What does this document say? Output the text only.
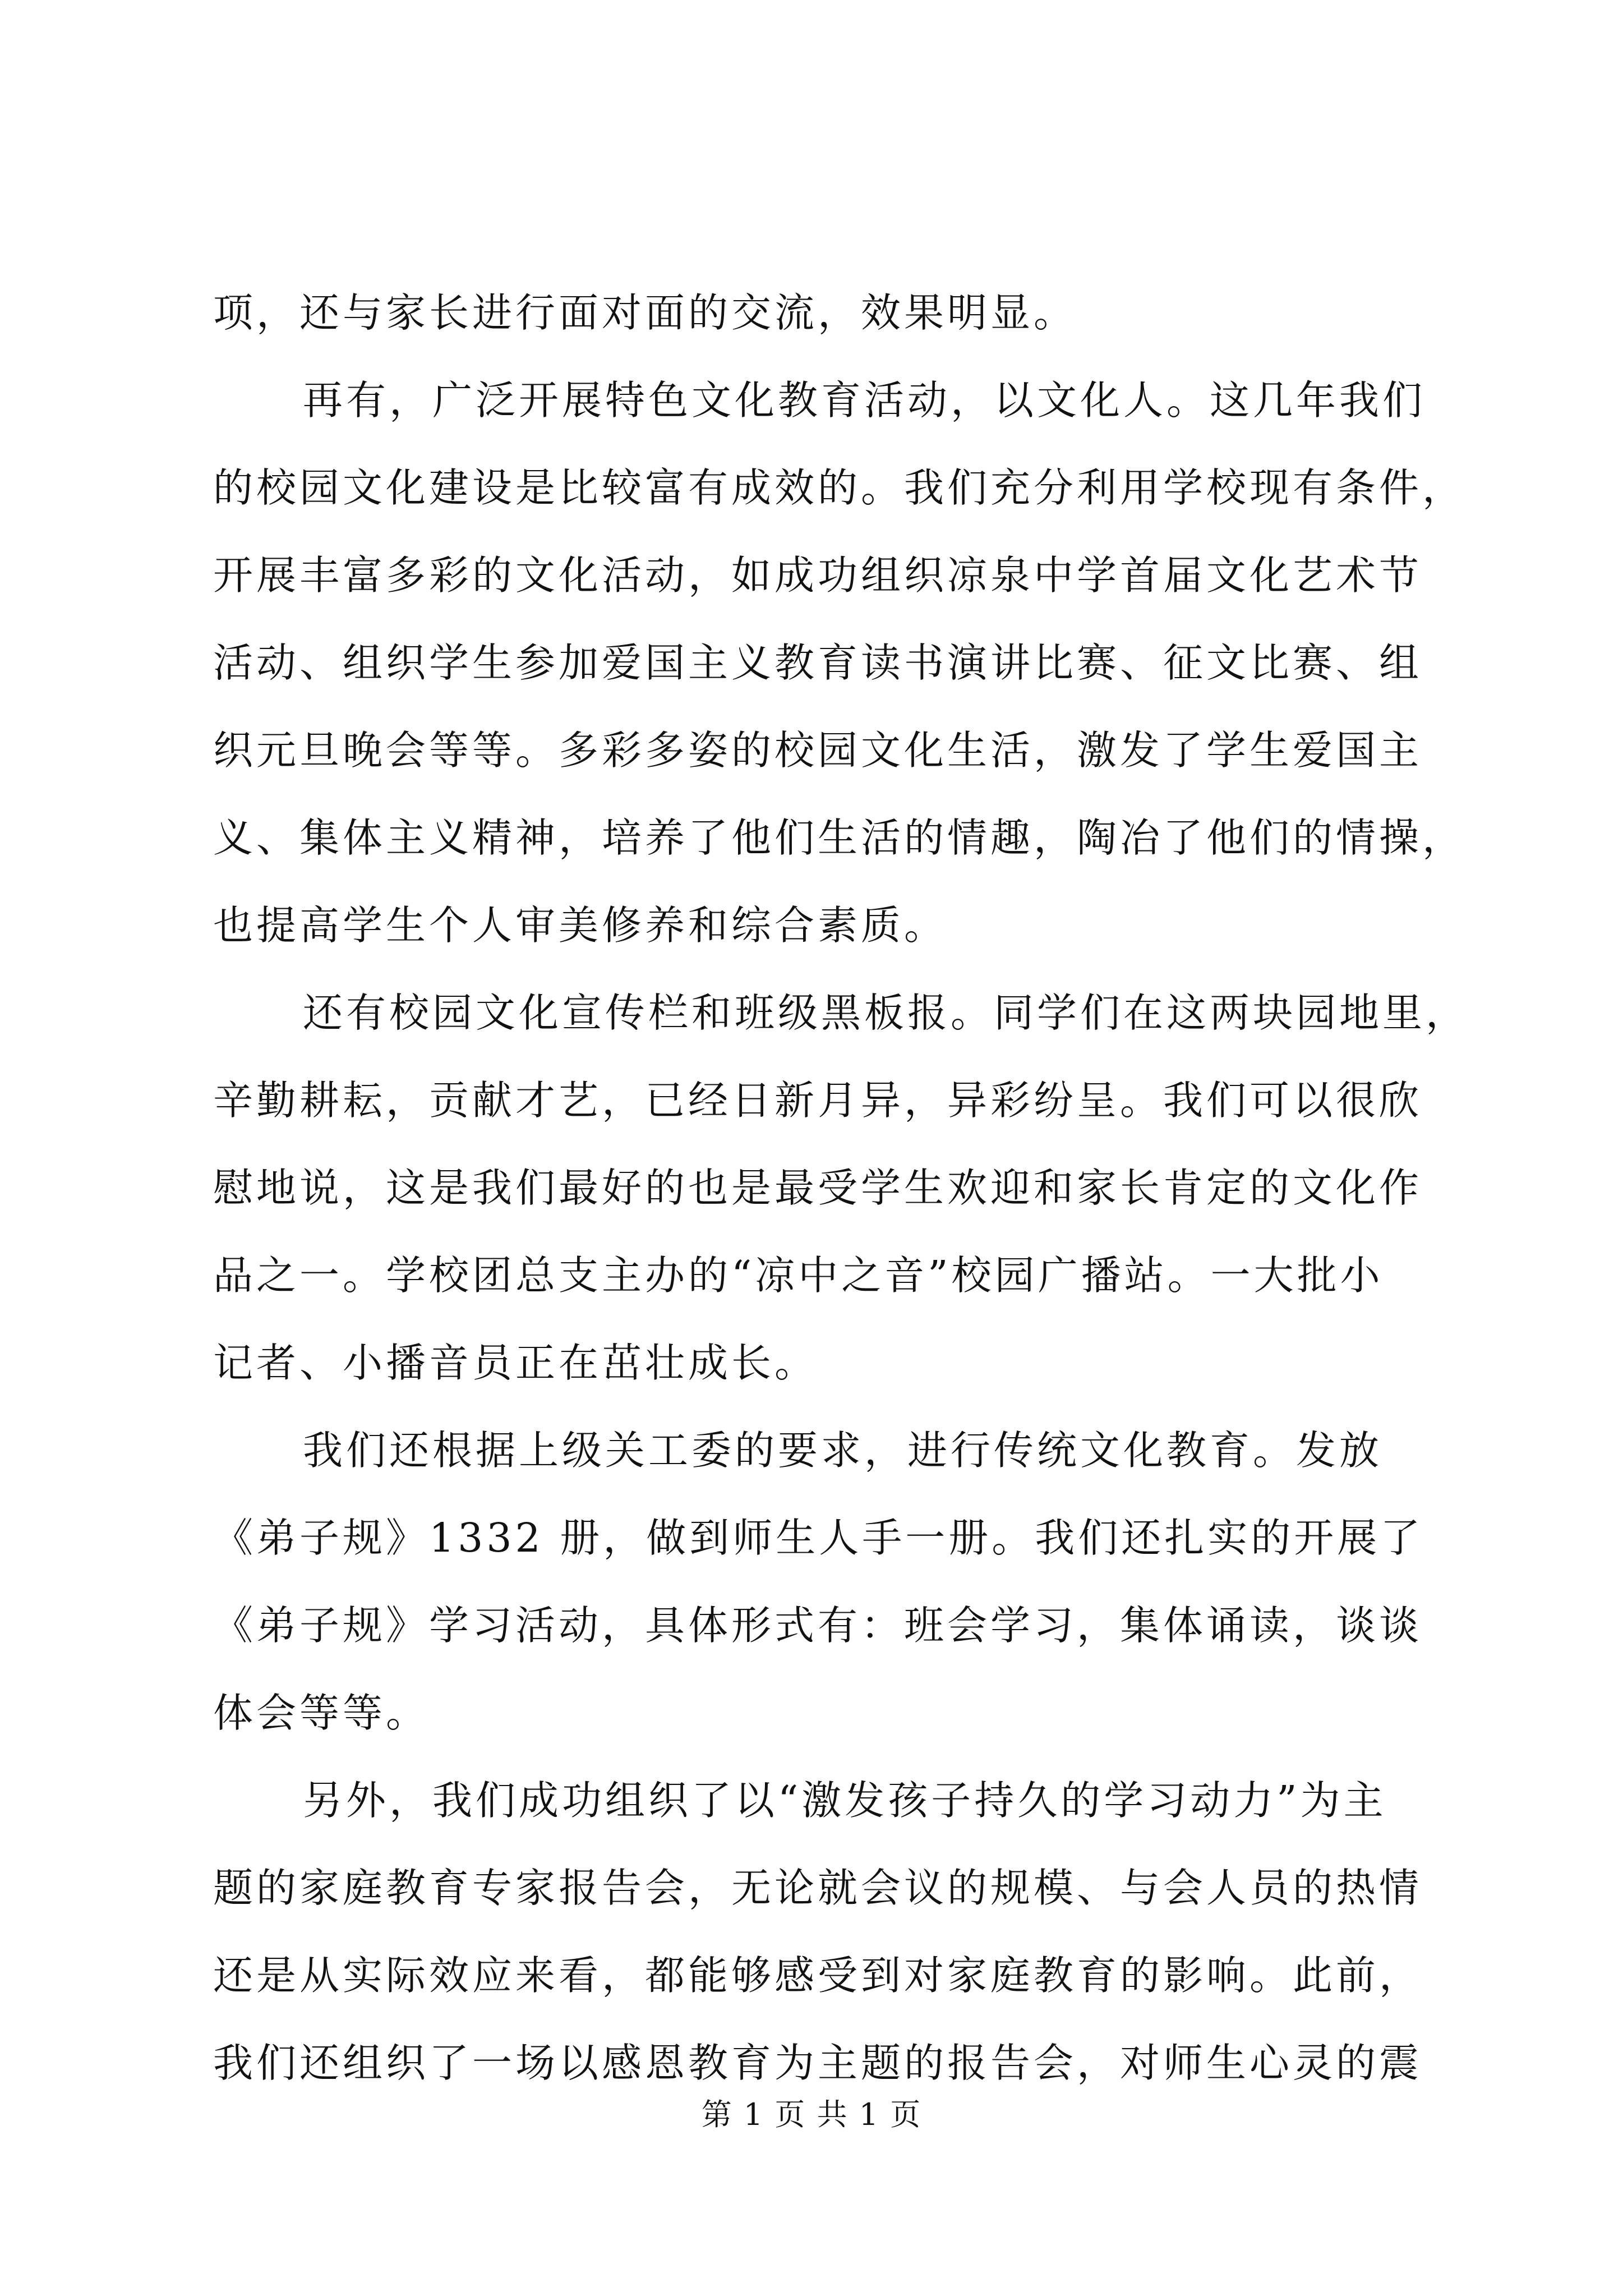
项，还与家长进行面对面的交流，效果明显。
再有，广泛开展特色文化教育活动，以文化人。这几年我们
的校园文化建设是比较富有成效的。我们充分利用学校现有条件，
开展丰富多彩的文化活动，如成功组织凉泉中学首届文化艺术节
活动、组织学生参加爱国主义教育读书演讲比赛、征文比赛、组
织元旦晚会等等。多彩多姿的校园文化生活，激发了学生爱国主
义、集体主义精神，培养了他们生活的情趣，陶冶了他们的情操，
也提高学生个人审美修养和综合素质。
还有校园文化宣传栏和班级黑板报。同学们在这两块园地里，
辛勤耕耘，贡献才艺，已经日新月异，异彩纷呈。我们可以很欣
慰地说，这是我们最好的也是最受学生欢迎和家长肯定的文化作
品之一。学校团总支主办的“凉中之音”校园广播站。一大批小
记者、小播音员正在茁壮成长。
我们还根据上级关工委的要求，进行传统文化教育。发放
《弟子规》1332 册，做到师生人手一册。我们还扎实的开展了
《弟子规》学习活动，具体形式有：班会学习，集体诵读，谈谈
体会等等。
另外，我们成功组织了以“激发孩子持久的学习动力”为主
题的家庭教育专家报告会，无论就会议的规模、与会人员的热情
还是从实际效应来看，都能够感受到对家庭教育的影响。此前，
我们还组织了一场以感恩教育为主题的报告会，对师生心灵的震
第 1 页 共 1 页
